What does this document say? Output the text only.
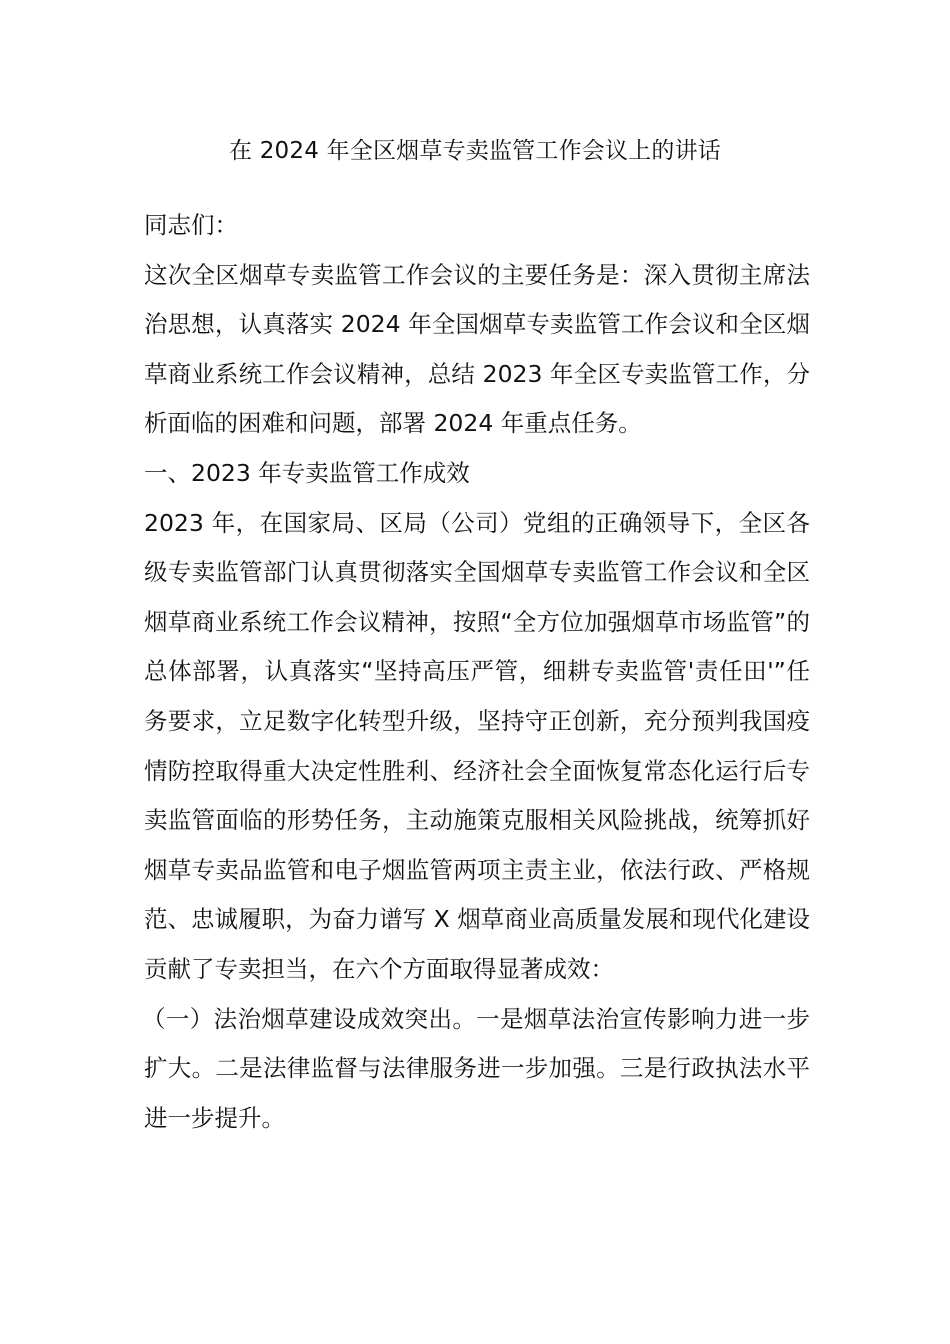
在 2024 年全区烟草专卖监管工作会议上的讲话

同志们：

这次全区烟草专卖监管工作会议的主要任务是：深入贯彻主席法治思想，认真落实 2024 年全国烟草专卖监管工作会议和全区烟草商业系统工作会议精神，总结 2023 年全区专卖监管工作，分析面临的困难和问题，部署 2024 年重点任务。

一、2023 年专卖监管工作成效

2023 年，在国家局、区局（公司）党组的正确领导下，全区各级专卖监管部门认真贯彻落实全国烟草专卖监管工作会议和全区烟草商业系统工作会议精神，按照“全方位加强烟草市场监管”的总体部署，认真落实“坚持高压严管，细耕专卖监管'责任田'”任务要求，立足数字化转型升级，坚持守正创新，充分预判我国疫情防控取得重大决定性胜利、经济社会全面恢复常态化运行后专卖监管面临的形势任务，主动施策克服相关风险挑战，统筹抓好烟草专卖品监管和电子烟监管两项主责主业，依法行政、严格规范、忠诚履职，为奋力谱写 X 烟草商业高质量发展和现代化建设贡献了专卖担当，在六个方面取得显著成效：

（一）法治烟草建设成效突出。一是烟草法治宣传影响力进一步扩大。二是法律监督与法律服务进一步加强。三是行政执法水平进一步提升。
